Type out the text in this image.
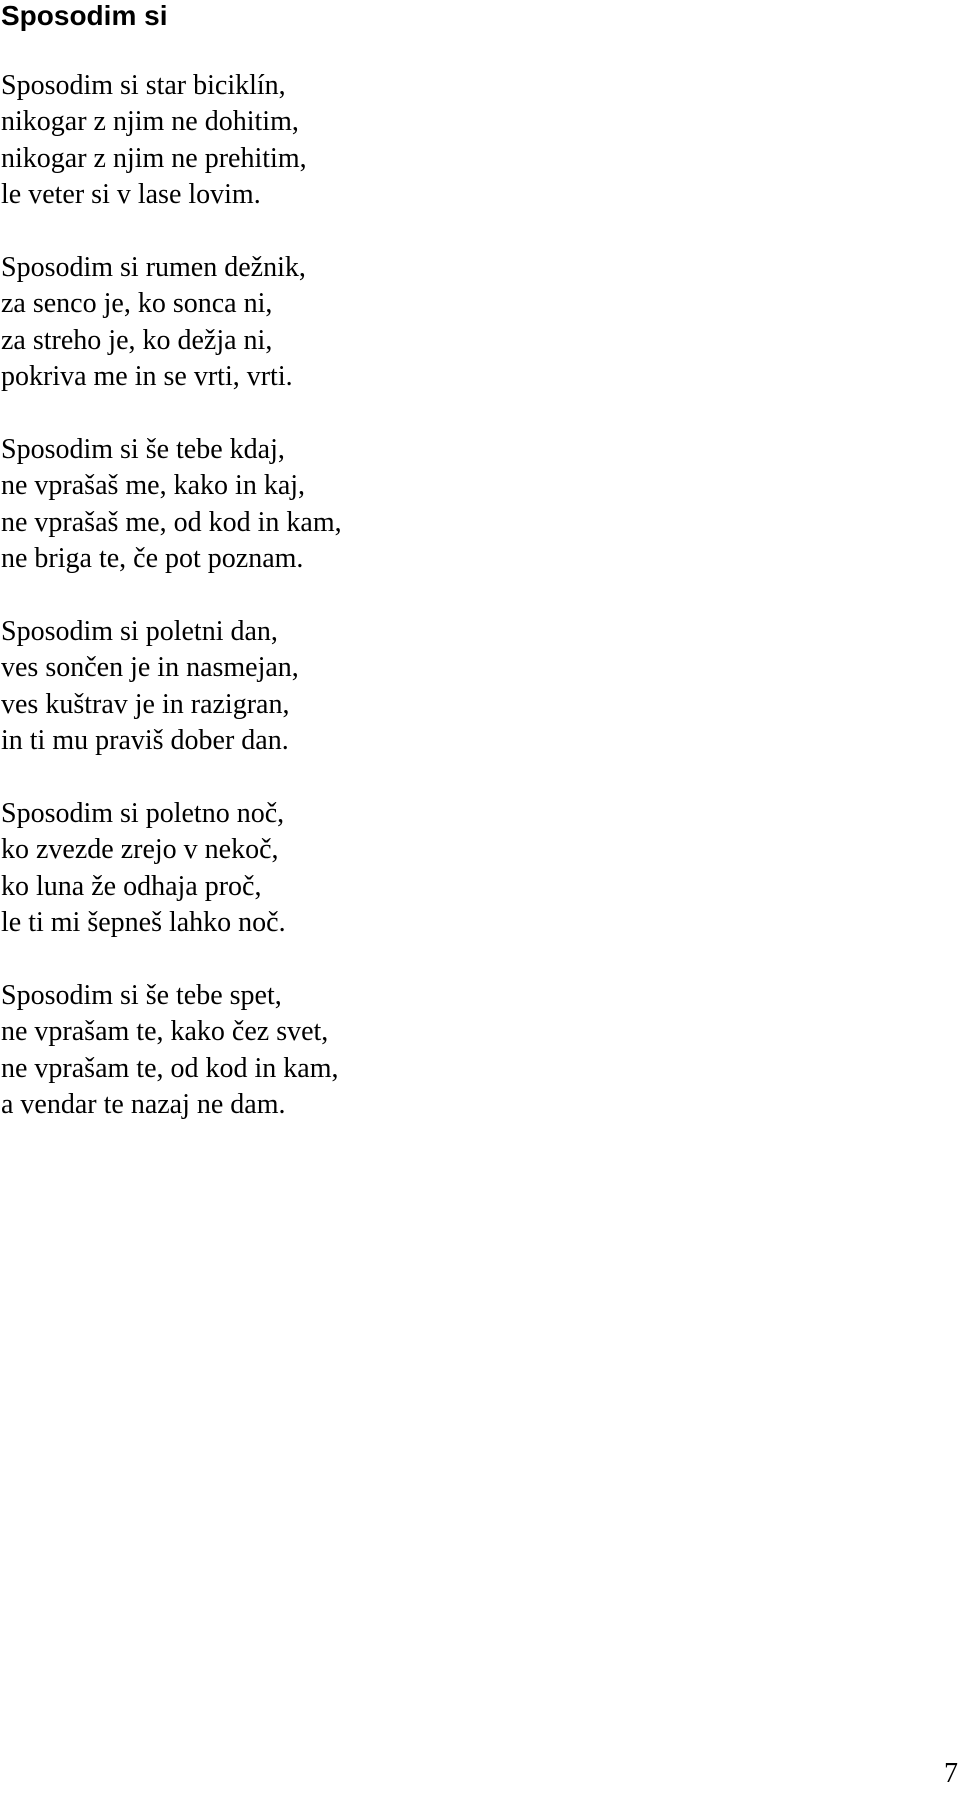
Sposodim si
Sposodim si star biciklín,
nikogar z njim ne dohitim,
nikogar z njim ne prehitim,
le veter si v lase lovim.
Sposodim si rumen dežnik,
za senco je, ko sonca ni,
za streho je, ko dežja ni,
pokriva me in se vrti, vrti.
Sposodim si še tebe kdaj,
ne vprašaš me, kako in kaj,
ne vprašaš me, od kod in kam,
ne briga te, če pot poznam.
Sposodim si poletni dan,
ves sončen je in nasmejan,
ves kuštrav je in razigran,
in ti mu praviš dober dan.
Sposodim si poletno noč,
ko zvezde zrejo v nekoč,
ko luna že odhaja proč,
le ti mi šepneš lahko noč.
Sposodim si še tebe spet,
ne vprašam te, kako čez svet,
ne vprašam te, od kod in kam,
a vendar te nazaj ne dam.
7
